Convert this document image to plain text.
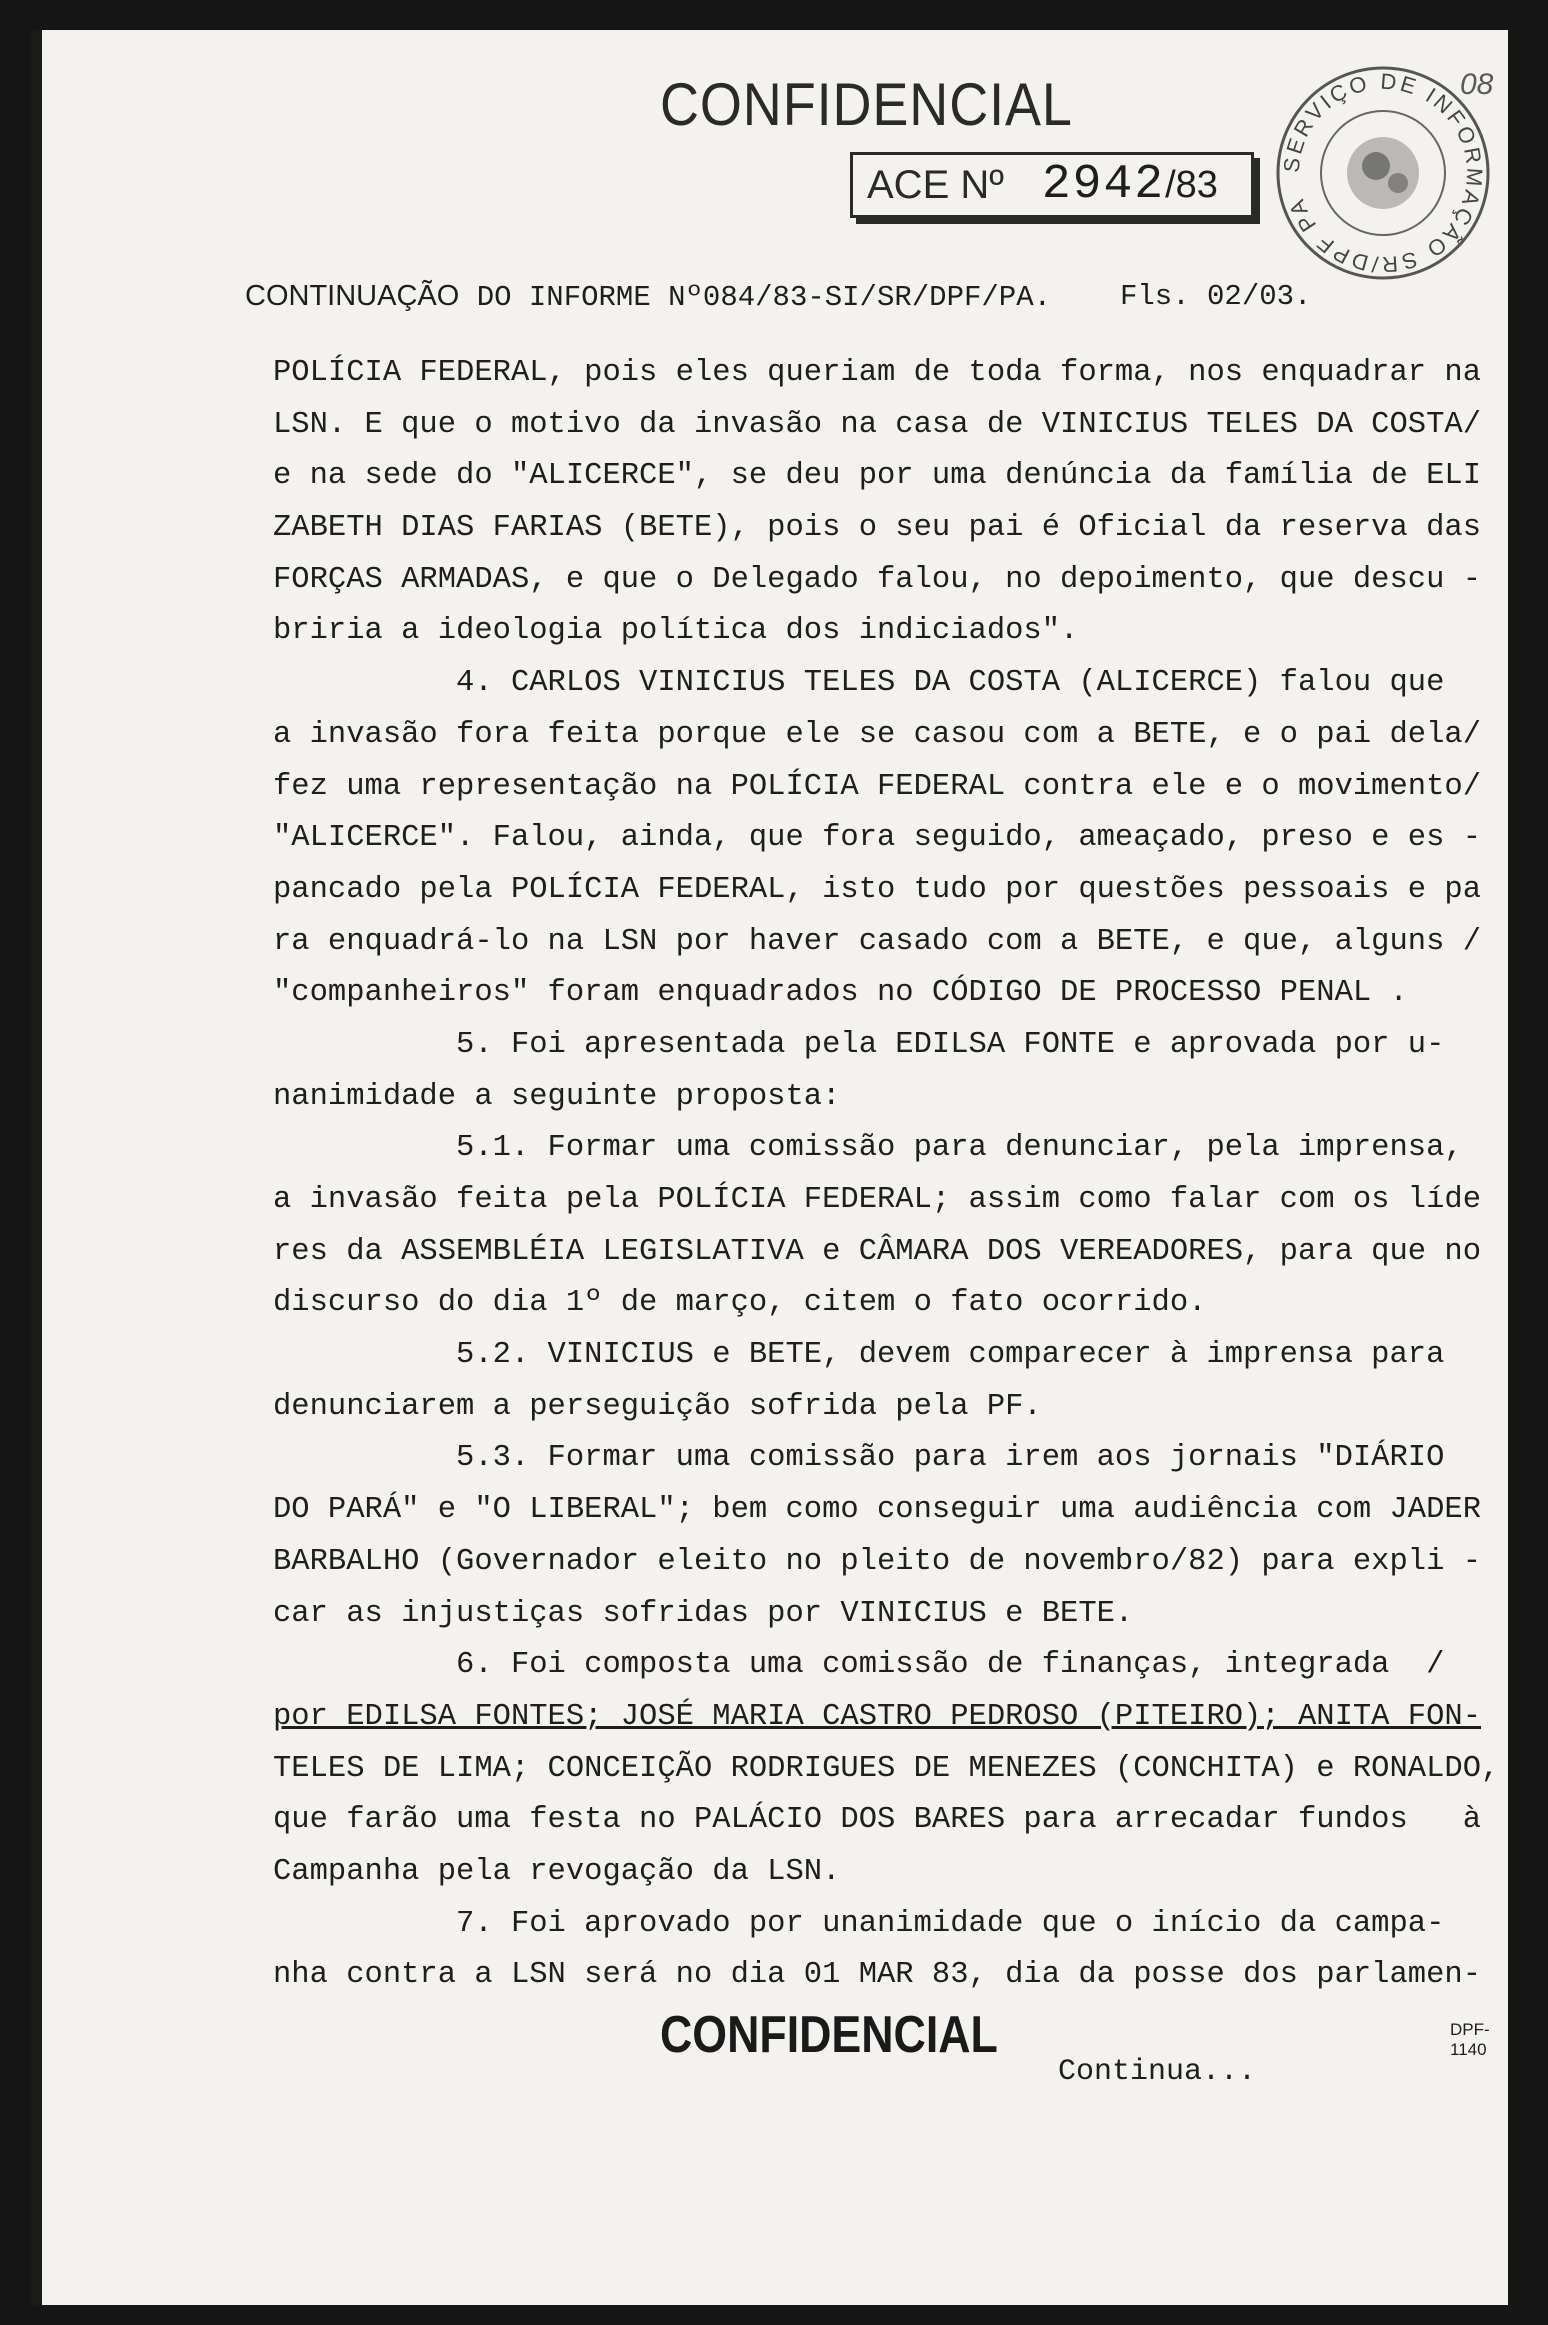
CONFIDENCIAL
ACE Nº 2942 /83
08
SERVIÇO DE INFORMAÇÃO SR/DPF PA
CONTINUAÇÃO DO INFORME Nº084/83-SI/SR/DPF/PA. Fls. 02/03.
POLÍCIA FEDERAL, pois eles queriam de toda forma, nos enquadrar na
LSN. E que o motivo da invasão na casa de VINICIUS TELES DA COSTA/
e na sede do "ALICERCE", se deu por uma denúncia da família de ELI
ZABETH DIAS FARIAS (BETE), pois o seu pai é Oficial da reserva das
FORÇAS ARMADAS, e que o Delegado falou, no depoimento, que descu -
briria a ideologia política dos indiciados".
4. CARLOS VINICIUS TELES DA COSTA (ALICERCE) falou que
a invasão fora feita porque ele se casou com a BETE, e o pai dela/
fez uma representação na POLÍCIA FEDERAL contra ele e o movimento/
"ALICERCE". Falou, ainda, que fora seguido, ameaçado, preso e es -
pancado pela POLÍCIA FEDERAL, isto tudo por questões pessoais e pa
ra enquadrá-lo na LSN por haver casado com a BETE, e que, alguns /
"companheiros" foram enquadrados no CÓDIGO DE PROCESSO PENAL .
5. Foi apresentada pela EDILSA FONTE e aprovada por u-
nanimidade a seguinte proposta:
5.1. Formar uma comissão para denunciar, pela imprensa,
a invasão feita pela POLÍCIA FEDERAL; assim como falar com os líde
res da ASSEMBLÉIA LEGISLATIVA e CÂMARA DOS VEREADORES, para que no
discurso do dia 1º de março, citem o fato ocorrido.
5.2. VINICIUS e BETE, devem comparecer à imprensa para
denunciarem a perseguição sofrida pela PF.
5.3. Formar uma comissão para irem aos jornais "DIÁRIO
DO PARÁ" e "O LIBERAL"; bem como conseguir uma audiência com JADER
BARBALHO (Governador eleito no pleito de novembro/82) para expli -
car as injustiças sofridas por VINICIUS e BETE.
6. Foi composta uma comissão de finanças, integrada  /
por EDILSA FONTES; JOSÉ MARIA CASTRO PEDROSO (PITEIRO); ANITA FON-
TELES DE LIMA; CONCEIÇÃO RODRIGUES DE MENEZES (CONCHITA) e RONALDO,
que farão uma festa no PALÁCIO DOS BARES para arrecadar fundos   à
Campanha pela revogação da LSN.
7. Foi aprovado por unanimidade que o início da campa-
nha contra a LSN será no dia 01 MAR 83, dia da posse dos parlamen-
CONFIDENCIAL	DPF-1140
Continua...
